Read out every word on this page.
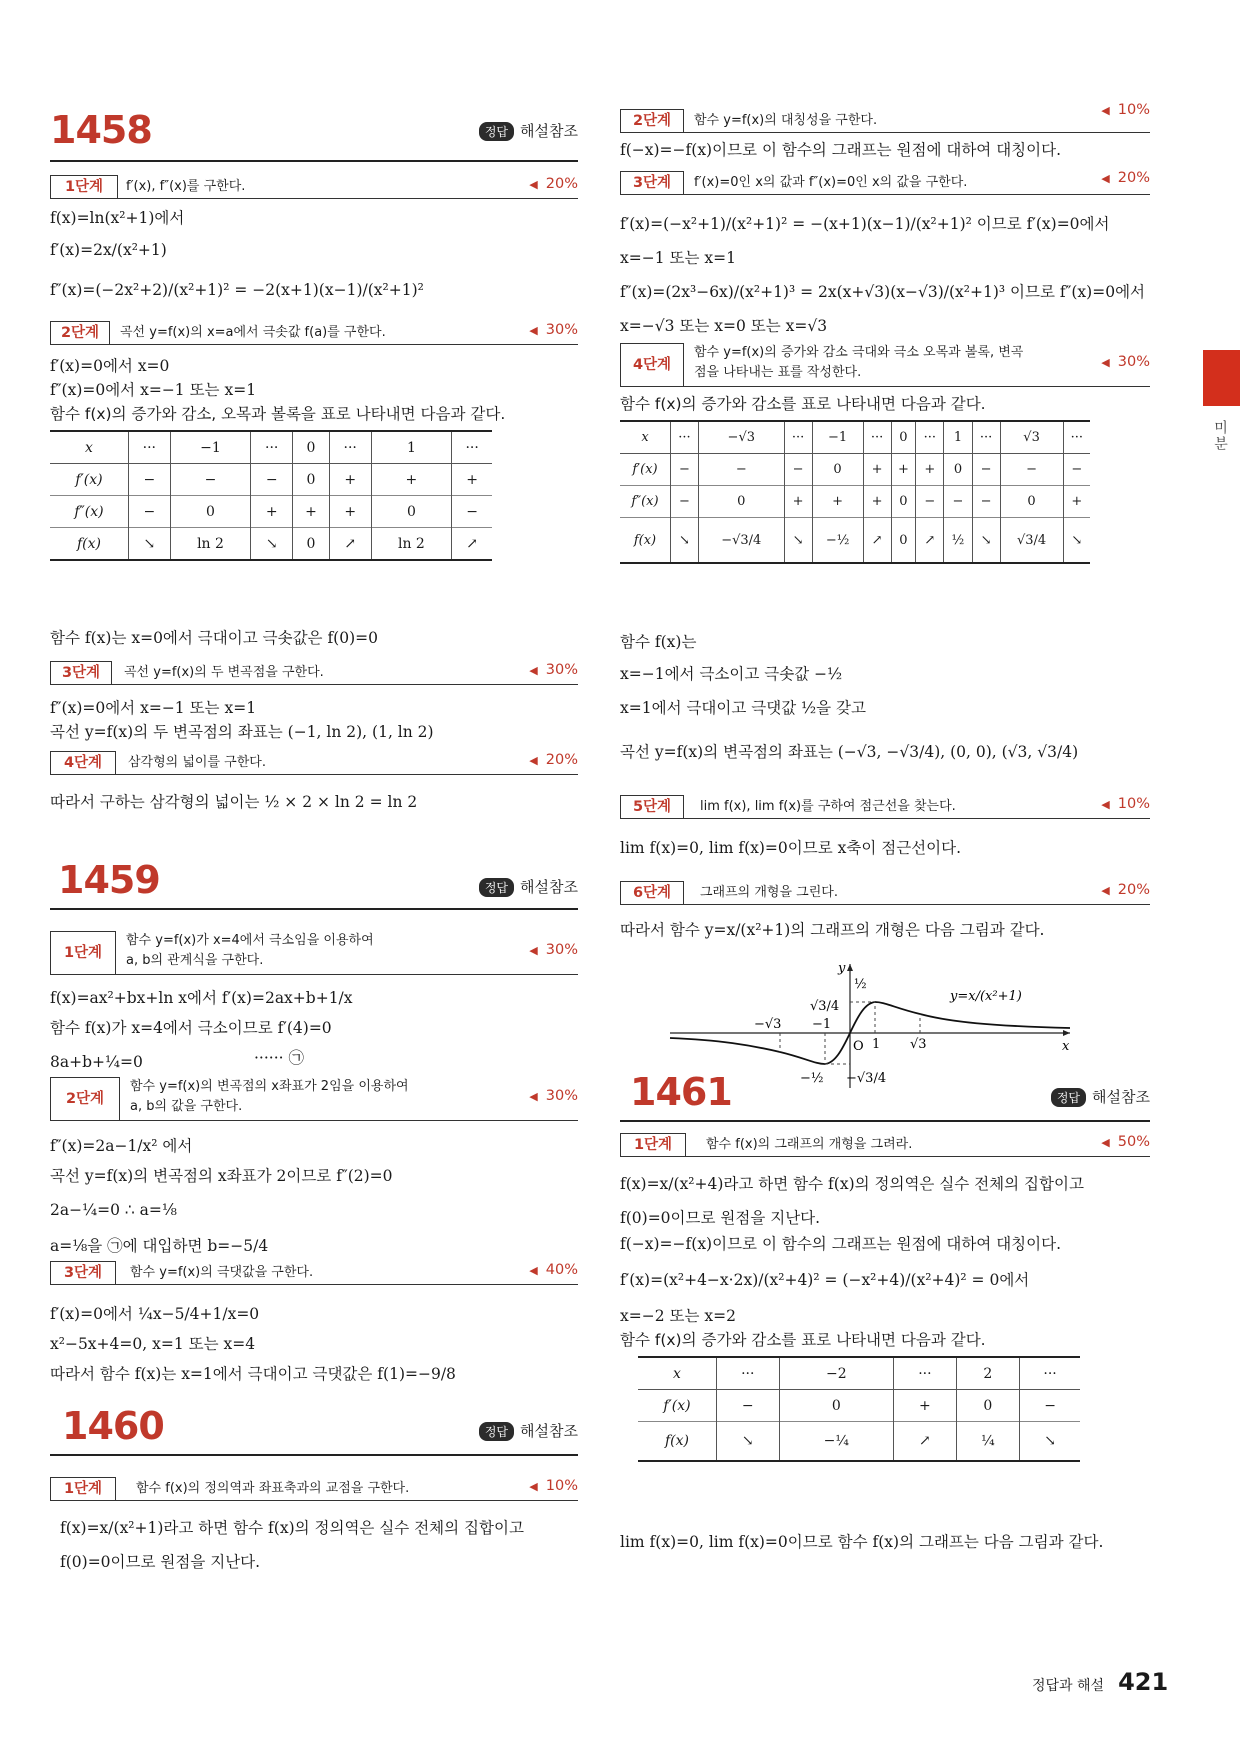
1458	정답 해설참조
1단계	f′(x), f″(x)를 구한다.	◀ 20%
f(x)=ln(x²+1)에서
f′(x)=2x/(x²+1)
f″(x)=(−2x²+2)/(x²+1)² = −2(x+1)(x−1)/(x²+1)²
2단계	곡선 y=f(x)의 x=a에서 극솟값 f(a)를 구한다.	◀ 30%
f′(x)=0에서 x=0
f″(x)=0에서 x=−1 또는 x=1
함수 f(x)의 증가와 감소, 오목과 볼록을 표로 나타내면 다음과 같다.
x	···	−1	···	0	···	1	···
f′(x)	−	−	−	0	+	+	+
f″(x)	−	0	+	+	+	0	−
f(x)	↘	ln 2	↘	0	↗	ln 2	↗
함수 f(x)는 x=0에서 극대이고 극솟값은 f(0)=0
3단계	곡선 y=f(x)의 두 변곡점을 구한다.	◀ 30%
f″(x)=0에서 x=−1 또는 x=1
곡선 y=f(x)의 두 변곡점의 좌표는 (−1, ln 2), (1, ln 2)
4단계	삼각형의 넓이를 구한다.	◀ 20%
따라서 구하는 삼각형의 넓이는 ½ × 2 × ln 2 = ln 2
1459	정답 해설참조
1단계
함수 y=f(x)가 x=4에서 극소임을 이용하여
a, b의 관계식을 구한다.
◀ 30%
f(x)=ax²+bx+ln x에서 f′(x)=2ax+b+1/x
함수 f(x)가 x=4에서 극소이므로 f′(4)=0
8a+b+¼=0	······ ㉠
2단계
함수 y=f(x)의 변곡점의 x좌표가 2임을 이용하여
a, b의 값을 구한다.
◀ 30%
f″(x)=2a−1/x² 에서
곡선 y=f(x)의 변곡점의 x좌표가 2이므로 f″(2)=0
2a−¼=0 ∴ a=⅛
a=⅛을 ㉠에 대입하면 b=−5/4
3단계	함수 y=f(x)의 극댓값을 구한다.	◀ 40%
f′(x)=0에서 ¼x−5/4+1/x=0
x²−5x+4=0, x=1 또는 x=4
따라서 함수 f(x)는 x=1에서 극대이고 극댓값은 f(1)=−9/8
1460	정답 해설참조
1단계	함수 f(x)의 정의역과 좌표축과의 교점을 구한다.	◀ 10%
f(x)=x/(x²+1)라고 하면 함수 f(x)의 정의역은 실수 전체의 집합이고
f(0)=0이므로 원점을 지난다.
2단계	함수 y=f(x)의 대칭성을 구한다.
◀ 10%
f(−x)=−f(x)이므로 이 함수의 그래프는 원점에 대하여 대칭이다.
3단계	f′(x)=0인 x의 값과 f″(x)=0인 x의 값을 구한다.	◀ 20%
f′(x)=(−x²+1)/(x²+1)² = −(x+1)(x−1)/(x²+1)² 이므로 f′(x)=0에서
x=−1 또는 x=1
f″(x)=(2x³−6x)/(x²+1)³ = 2x(x+√3)(x−√3)/(x²+1)³ 이므로 f″(x)=0에서
x=−√3 또는 x=0 또는 x=√3
4단계
함수 y=f(x)의 증가와 감소 극대와 극소 오목과 볼록, 변곡
점을 나타내는 표를 작성한다.
◀ 30%
함수 f(x)의 증가와 감소를 표로 나타내면 다음과 같다.
x	···	−√3	···	−1	···	0	···	1	···	√3	···
f′(x)	−	−	−	0	+	+	+	0	−	−	−
f″(x)	−	0	+	+	+	0	−	−	−	0	+
f(x)	↘	−√3/4	↘	−½	↗	0	↗	½	↘	√3/4	↘
함수 f(x)는
x=−1에서 극소이고 극솟값 −½
x=1에서 극대이고 극댓값 ½을 갖고
곡선 y=f(x)의 변곡점의 좌표는 (−√3, −√3/4), (0, 0), (√3, √3/4)
5단계	lim f(x), lim f(x)를 구하여 점근선을 찾는다.	◀ 10%
lim f(x)=0, lim f(x)=0이므로 x축이 점근선이다.
6단계	그래프의 개형을 그린다.	◀ 20%
따라서 함수 y=x/(x²+1)의 그래프의 개형은 다음 그림과 같다.
y
x
O
y=x/(x²+1)
−√3 −1
1 √3
½
√3/4
−½ −√3/4
1461	정답 해설참조
1단계	함수 f(x)의 그래프의 개형을 그려라.	◀ 50%
f(x)=x/(x²+4)라고 하면 함수 f(x)의 정의역은 실수 전체의 집합이고
f(0)=0이므로 원점을 지난다.
f(−x)=−f(x)이므로 이 함수의 그래프는 원점에 대하여 대칭이다.
f′(x)=(x²+4−x·2x)/(x²+4)² = (−x²+4)/(x²+4)² = 0에서
x=−2 또는 x=2
함수 f(x)의 증가와 감소를 표로 나타내면 다음과 같다.
x	···	−2	···	2	···
f′(x)	−	0	+	0	−
f(x)	↘	−¼	↗	¼	↘
lim f(x)=0, lim f(x)=0이므로 함수 f(x)의 그래프는 다음 그림과 같다.
미분
정답과 해설 421
